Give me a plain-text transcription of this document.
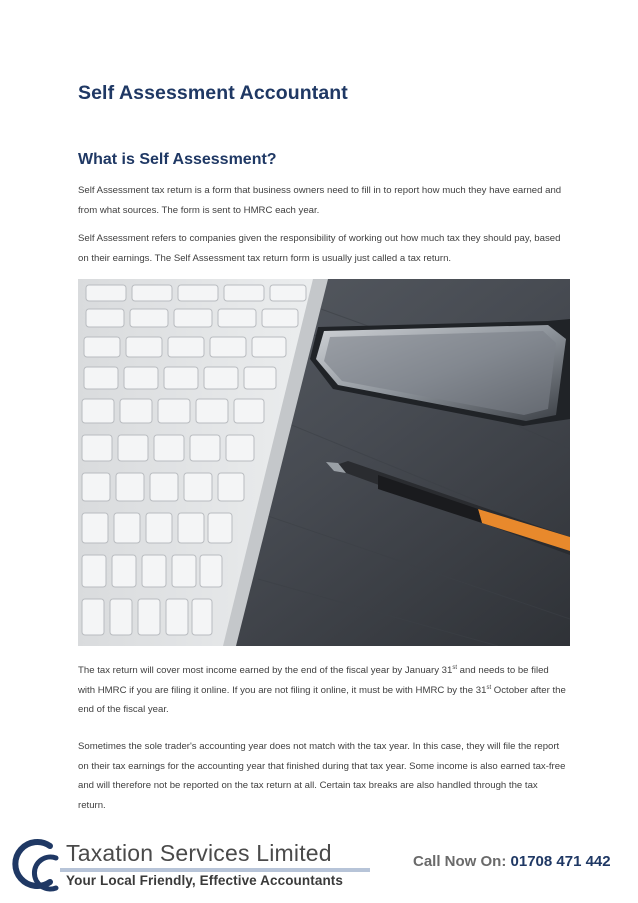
Self Assessment Accountant
What is Self Assessment?

Self Assessment tax return is a form that business owners need to fill in to report how much they have earned and from what sources. The form is sent to HMRC each year.

Self Assessment refers to companies given the responsibility of working out how much tax they should pay, based on their earnings. The Self Assessment tax return form is usually just called a tax return.

The tax return will cover most income earned by the end of the fiscal year by January 31st and needs to be filed with HMRC if you are filing it online. If you are not filing it online, it must be with HMRC by the 31st October after the end of the fiscal year.

Sometimes the sole trader's accounting year does not match with the tax year. In this case, they will file the report on their tax earnings for the accounting year that finished during that tax year. Some income is also earned tax-free and will therefore not be reported on the tax return at all. Certain tax breaks are also handled through the tax return.

Taxation Services Limited

Your Local Friendly, Effective Accountants

Call Now On: 01708 471 442
